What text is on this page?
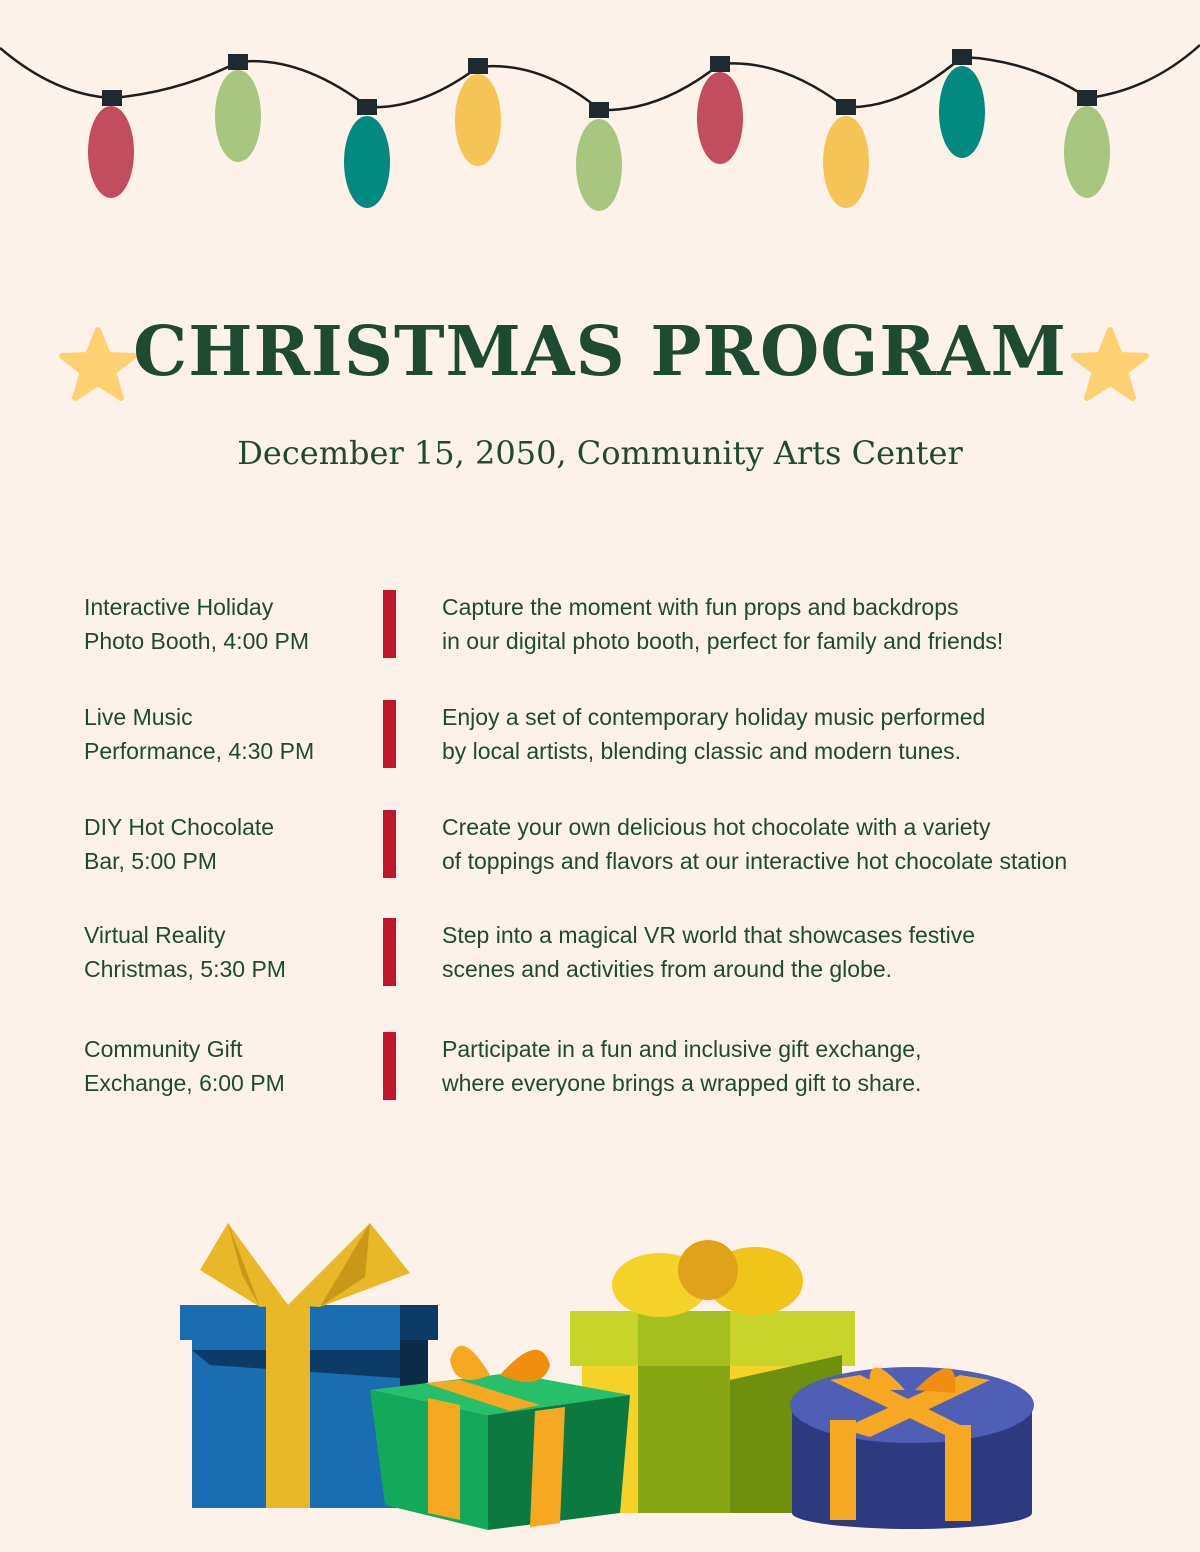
CHRISTMAS PROGRAM

December 15, 2050, Community Arts Center

Interactive Holiday
Photo Booth, 4:00 PM
Capture the moment with fun props and backdrops
in our digital photo booth, perfect for family and friends!
Live Music
Performance, 4:30 PM
Enjoy a set of contemporary holiday music performed
by local artists, blending classic and modern tunes.
DIY Hot Chocolate
Bar, 5:00 PM
Create your own delicious hot chocolate with a variety
of toppings and flavors at our interactive hot chocolate station
Virtual Reality
Christmas, 5:30 PM
Step into a magical VR world that showcases festive
scenes and activities from around the globe.
Community Gift
Exchange, 6:00 PM
Participate in a fun and inclusive gift exchange,
where everyone brings a wrapped gift to share.
